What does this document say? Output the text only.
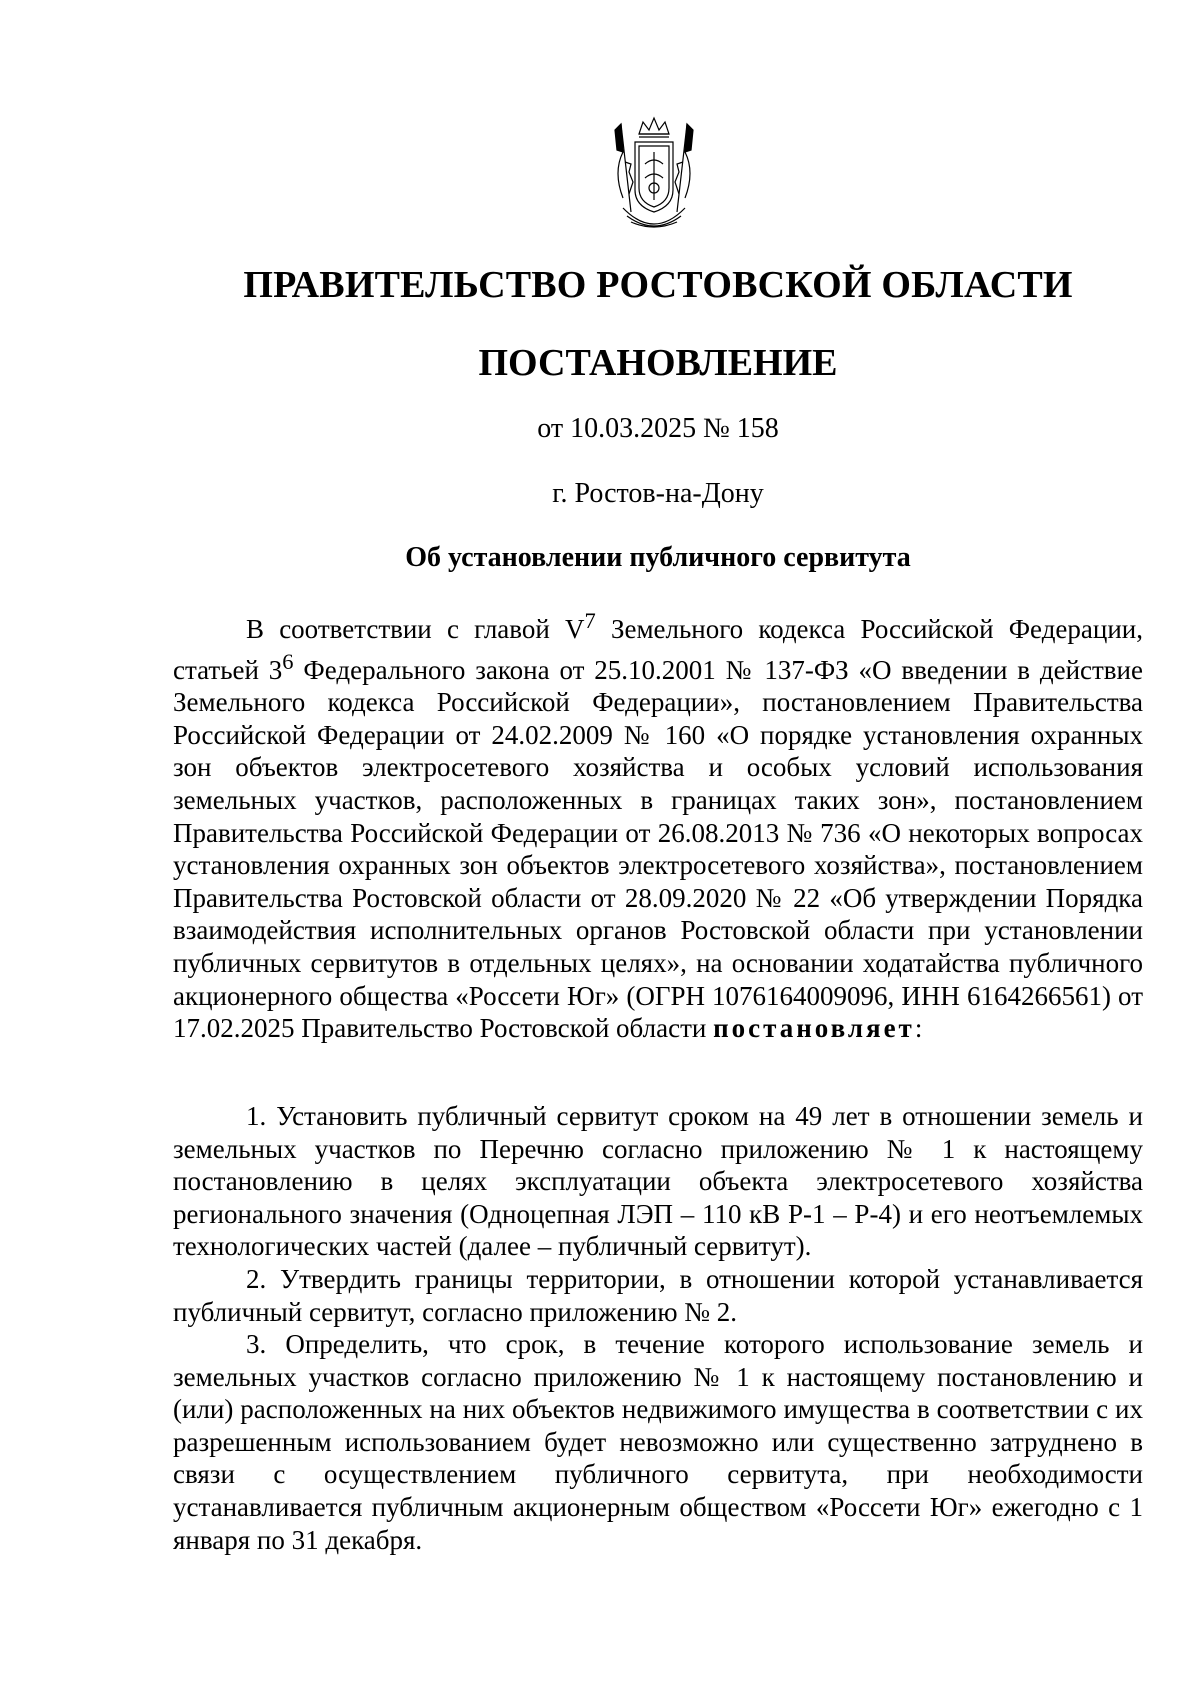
ПРАВИТЕЛЬСТВО РОСТОВСКОЙ ОБЛАСТИ
ПОСТАНОВЛЕНИЕ
от 10.03.2025 № 158
г. Ростов-на-Дону
Об установлении публичного сервитута

В соответствии с главой $V^7$ Земельного кодекса Российской Федерации, статьей $3^6$ Федерального закона от 25.10.2001 № 137-ФЗ «О введении в действие Земельного кодекса Российской Федерации», постановлением Правительства Российской Федерации от 24.02.2009 № 160 «О порядке установления охранных зон объектов электросетевого хозяйства и особых условий использования земельных участков, расположенных в границах таких зон», постановлением Правительства Российской Федерации от 26.08.2013 № 736 «О некоторых вопросах установления охранных зон объектов электросетевого хозяйства», постановлением Правительства Ростовской области от 28.09.2020 № 22 «Об утверждении Порядка взаимодействия исполнительных органов Ростовской области при установлении публичных сервитутов в отдельных целях», на основании ходатайства публичного акционерного общества «Россети Юг» (ОГРН 1076164009096, ИНН 6164266561) от 17.02.2025 Правительство Ростовской области постановляет:

1. Установить публичный сервитут сроком на 49 лет в отношении земель и земельных участков по Перечню согласно приложению № 1 к настоящему постановлению в целях эксплуатации объекта электросетевого хозяйства регионального значения (Одноцепная ЛЭП – 110 кВ Р-1 – Р-4) и его неотъемлемых технологических частей (далее – публичный сервитут).

2. Утвердить границы территории, в отношении которой устанавливается публичный сервитут, согласно приложению № 2.

3. Определить, что срок, в течение которого использование земель и земельных участков согласно приложению № 1 к настоящему постановлению и (или) расположенных на них объектов недвижимого имущества в соответствии с их разрешенным использованием будет невозможно или существенно затруднено в связи с осуществлением публичного сервитута, при необходимости устанавливается публичным акционерным обществом «Россети Юг» ежегодно с 1 января по 31 декабря.
